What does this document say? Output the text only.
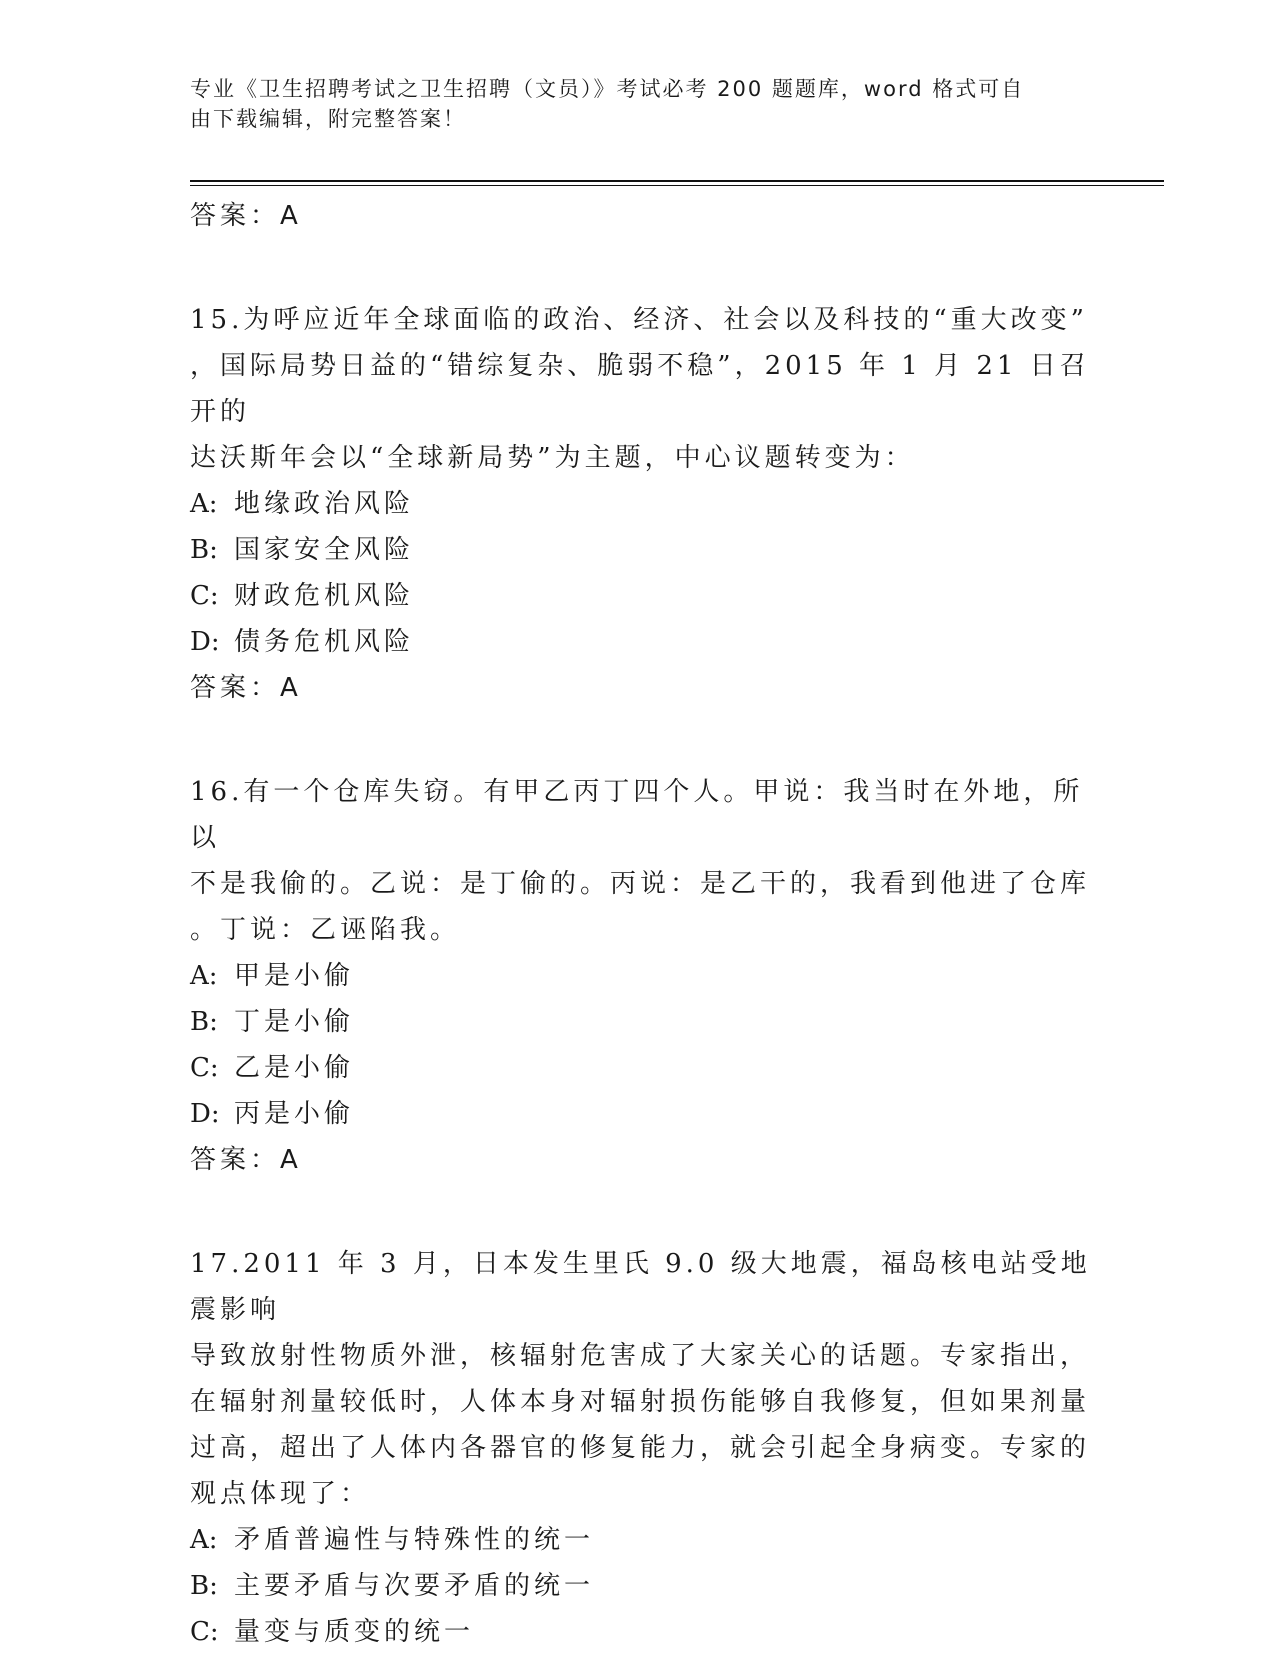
专业《卫生招聘考试之卫生招聘（文员）》考试必考 200 题题库，word 格式可自
由下载编辑，附完整答案！
答案：A
15.为呼应近年全球面临的政治、经济、社会以及科技的“重大改变”
，国际局势日益的“错综复杂、脆弱不稳”，2015 年 1 月 21 日召开的
达沃斯年会以“全球新局势”为主题，中心议题转变为：
A: 地缘政治风险
B: 国家安全风险
C: 财政危机风险
D: 债务危机风险
答案：A
16.有一个仓库失窃。有甲乙丙丁四个人。甲说：我当时在外地，所以
不是我偷的。乙说：是丁偷的。丙说：是乙干的，我看到他进了仓库
。丁说：乙诬陷我。
A: 甲是小偷
B: 丁是小偷
C: 乙是小偷
D: 丙是小偷
答案：A
17.2011 年 3 月，日本发生里氏 9.0 级大地震，福岛核电站受地震影响
导致放射性物质外泄，核辐射危害成了大家关心的话题。专家指出，
在辐射剂量较低时，人体本身对辐射损伤能够自我修复，但如果剂量
过高，超出了人体内各器官的修复能力，就会引起全身病变。专家的
观点体现了：
A: 矛盾普遍性与特殊性的统一
B: 主要矛盾与次要矛盾的统一
C: 量变与质变的统一
